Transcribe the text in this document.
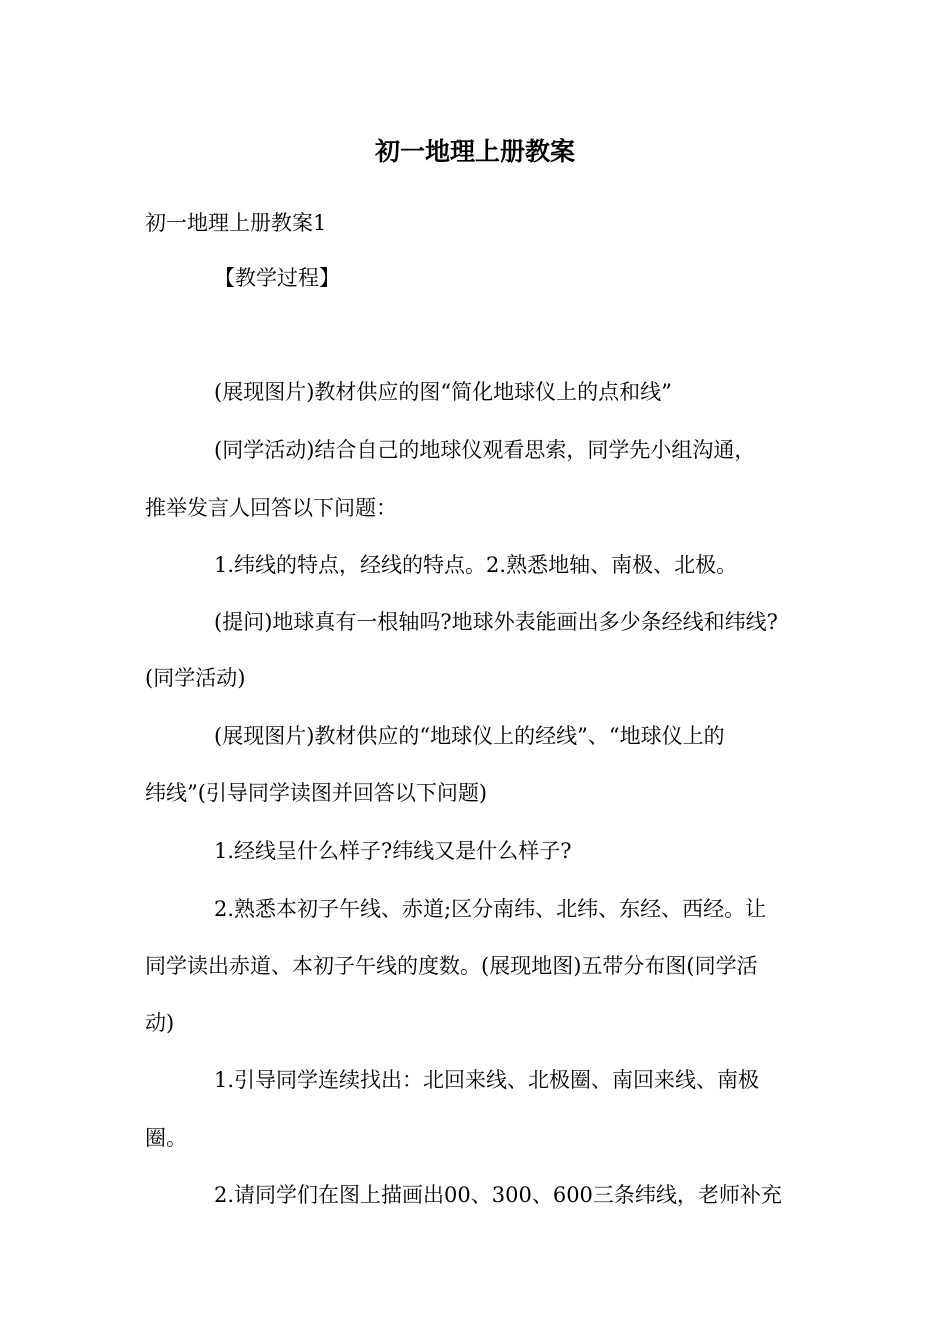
初一地理上册教案
初一地理上册教案1
【教学过程】
(展现图片)教材供应的图“简化地球仪上的点和线”
(同学活动)结合自己的地球仪观看思索，同学先小组沟通，
推举发言人回答以下问题：
1.纬线的特点，经线的特点。2.熟悉地轴、南极、北极。
(提问)地球真有一根轴吗?地球外表能画出多少条经线和纬线?
(同学活动)
(展现图片)教材供应的“地球仪上的经线”、“地球仪上的
纬线”(引导同学读图并回答以下问题)
1.经线呈什么样子?纬线又是什么样子?
2.熟悉本初子午线、赤道;区分南纬、北纬、东经、西经。让
同学读出赤道、本初子午线的度数。(展现地图)五带分布图(同学活
动)
1.引导同学连续找出：北回来线、北极圈、南回来线、南极
圈。
2.请同学们在图上描画出00、300、600三条纬线，老师补充
